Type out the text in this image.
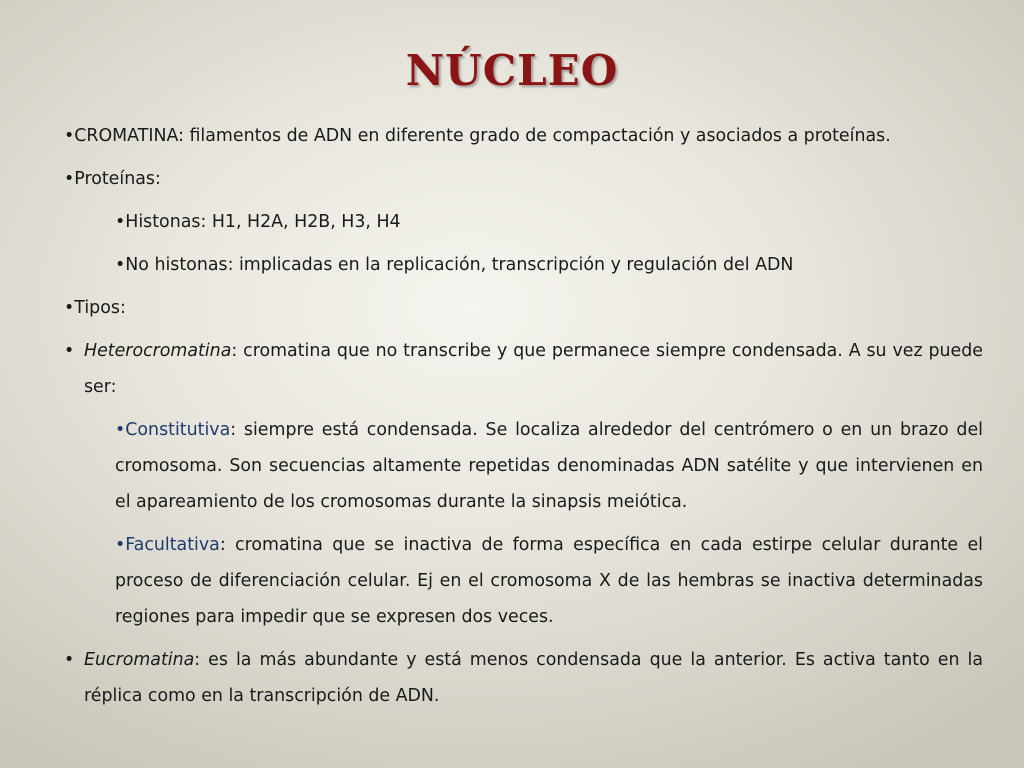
NÚCLEO

•CROMATINA: filamentos de ADN en diferente grado de compactación y asociados a proteínas.

•Proteínas:

•Histonas: H1, H2A, H2B, H3, H4

•No histonas: implicadas en la replicación, transcripción y regulación del ADN

•Tipos:

• Heterocromatina: cromatina que no transcribe y que permanece siempre condensada. A su vez puede ser:

•Constitutiva: siempre está condensada. Se localiza alrededor del centrómero o en un brazo del cromosoma. Son secuencias altamente repetidas denominadas ADN satélite y que intervienen en el apareamiento de los cromosomas durante la sinapsis meiótica.

•Facultativa: cromatina que se inactiva de forma específica en cada estirpe celular durante el proceso de diferenciación celular. Ej en el cromosoma X de las hembras se inactiva determinadas regiones para impedir que se expresen dos veces.

• Eucromatina: es la más abundante y está menos condensada que la anterior. Es activa tanto en la réplica como en la transcripción de ADN.
